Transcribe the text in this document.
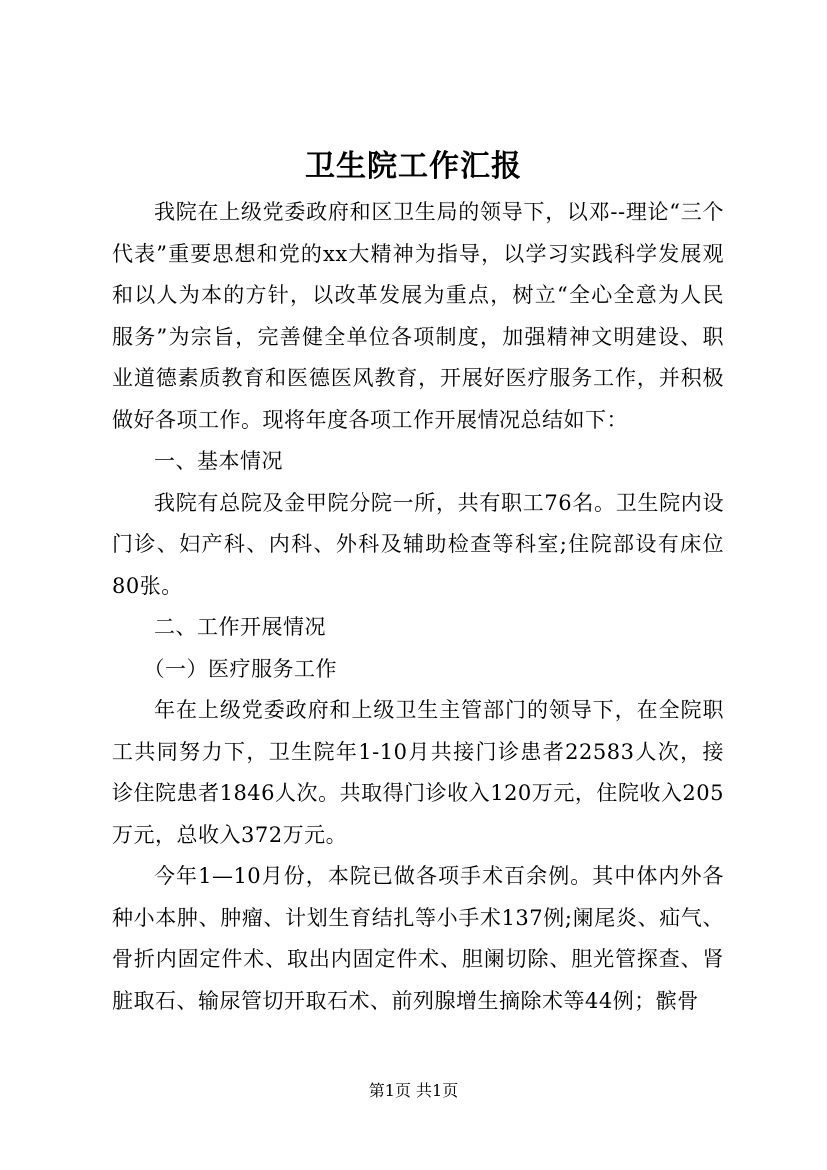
卫生院工作汇报

我院在上级党委政府和区卫生局的领导下，以邓--理论“三个代表”重要思想和党的xx大精神为指导，以学习实践科学发展观和以人为本的方针，以改革发展为重点，树立“全心全意为人民服务”为宗旨，完善健全单位各项制度，加强精神文明建设、职业道德素质教育和医德医风教育，开展好医疗服务工作，并积极做好各项工作。现将年度各项工作开展情况总结如下：

一、基本情况

我院有总院及金甲院分院一所，共有职工76名。卫生院内设门诊、妇产科、内科、外科及辅助检查等科室;住院部设有床位80张。

二、工作开展情况

（一）医疗服务工作

年在上级党委政府和上级卫生主管部门的领导下，在全院职工共同努力下，卫生院年1-10月共接门诊患者22583人次，接诊住院患者1846人次。共取得门诊收入120万元，住院收入205万元，总收入372万元。

今年1—10月份，本院已做各项手术百余例。其中体内外各种小本肿、肿瘤、计划生育结扎等小手术137例;阑尾炎、疝气、骨折内固定件术、取出内固定件术、胆阑切除、胆光管探查、肾脏取石、输尿管切开取石术、前列腺增生摘除术等44例；髌骨

第1页 共1页
